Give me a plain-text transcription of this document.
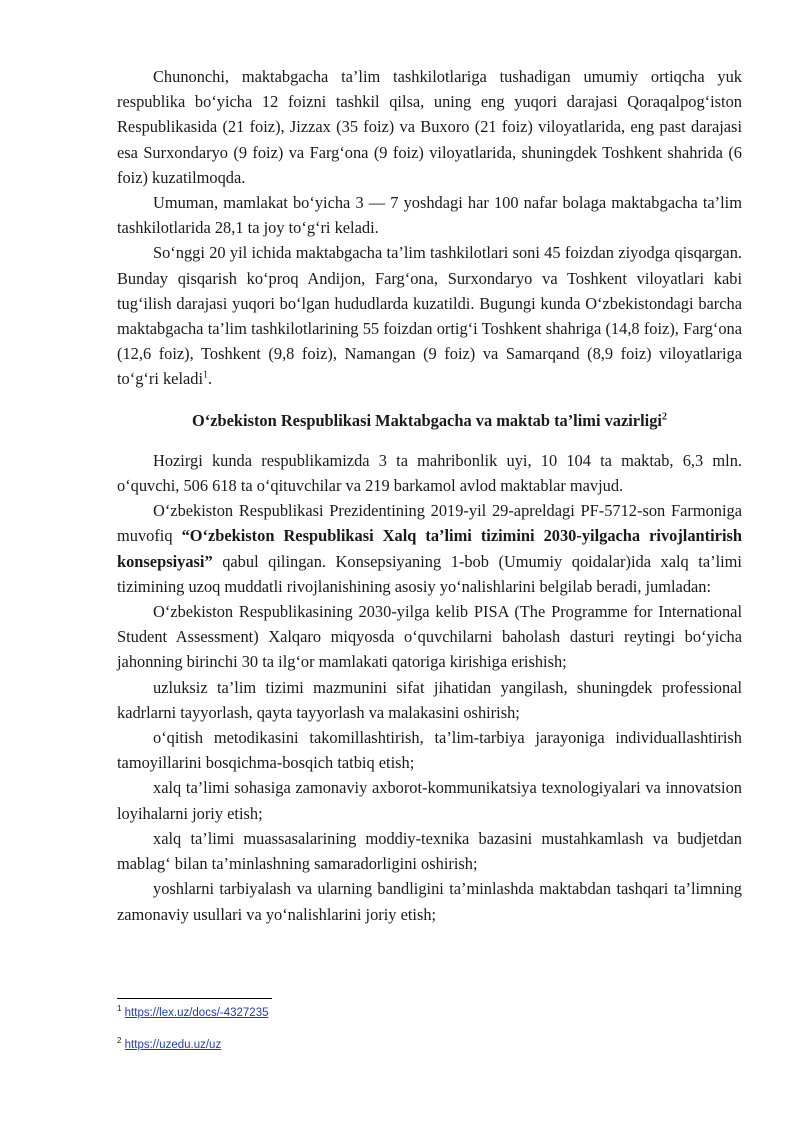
Chunonchi, maktabgacha ta’lim tashkilotlariga tushadigan umumiy ortiqcha yuk respublika bo‘yicha 12 foizni tashkil qilsa, uning eng yuqori darajasi Qoraqalpog‘iston Respublikasida (21 foiz), Jizzax (35 foiz) va Buxoro (21 foiz) viloyatlarida, eng past darajasi esa Surxondaryo (9 foiz) va Farg‘ona (9 foiz) viloyatlarida, shuningdek Toshkent shahrida (6 foiz) kuzatilmoqda.

Umuman, mamlakat bo‘yicha 3 — 7 yoshdagi har 100 nafar bolaga maktabgacha ta’lim tashkilotlarida 28,1 ta joy to‘g‘ri keladi.

So‘nggi 20 yil ichida maktabgacha ta’lim tashkilotlari soni 45 foizdan ziyodga qisqargan. Bunday qisqarish ko‘proq Andijon, Farg‘ona, Surxondaryo va Toshkent viloyatlari kabi tug‘ilish darajasi yuqori bo‘lgan hududlarda kuzatildi. Bugungi kunda O‘zbekistondagi barcha maktabgacha ta’lim tashkilotlarining 55 foizdan ortig‘i Toshkent shahriga (14,8 foiz), Farg‘ona (12,6 foiz), Toshkent (9,8 foiz), Namangan (9 foiz) va Samarqand (8,9 foiz) viloyatlariga to‘g‘ri keladi$^1$.

O‘zbekiston Respublikasi Maktabgacha va maktab ta’limi vazirligi$^2$

Hozirgi kunda respublikamizda 3 ta mahribonlik uyi, 10 104 ta maktab, 6,3 mln. o‘quvchi, 506 618 ta o‘qituvchilar va 219 barkamol avlod maktablar mavjud.

O‘zbekiston Respublikasi Prezidentining 2019-yil 29-apreldagi PF-5712-son Farmoniga muvofiq “O‘zbekiston Respublikasi Xalq ta’limi tizimini 2030-yilgacha rivojlantirish konsepsiyasi” qabul qilingan. Konsepsiyaning 1-bob (Umumiy qoidalar)ida xalq ta’limi tizimining uzoq muddatli rivojlanishining asosiy yo‘nalishlarini belgilab beradi, jumladan:

O‘zbekiston Respublikasining 2030-yilga kelib PISA (The Programme for International Student Assessment) Xalqaro miqyosda o‘quvchilarni baholash dasturi reytingi bo‘yicha jahonning birinchi 30 ta ilg‘or mamlakati qatoriga kirishiga erishish;

uzluksiz ta’lim tizimi mazmunini sifat jihatidan yangilash, shuningdek professional kadrlarni tayyorlash, qayta tayyorlash va malakasini oshirish;

o‘qitish metodikasini takomillashtirish, ta’lim-tarbiya jarayoniga individuallashtirish tamoyillarini bosqichma-bosqich tatbiq etish;

xalq ta’limi sohasiga zamonaviy axborot-kommunikatsiya texnologiyalari va innovatsion loyihalarni joriy etish;

xalq ta’limi muassasalarining moddiy-texnika bazasini mustahkamlash va budjetdan mablag‘ bilan ta’minlashning samaradorligini oshirish;

yoshlarni tarbiyalash va ularning bandligini ta’minlashda maktabdan tashqari ta’limning zamonaviy usullari va yo‘nalishlarini joriy etish;

$^1$ https://lex.uz/docs/-4327235

$^2$ https://uzedu.uz/uz
